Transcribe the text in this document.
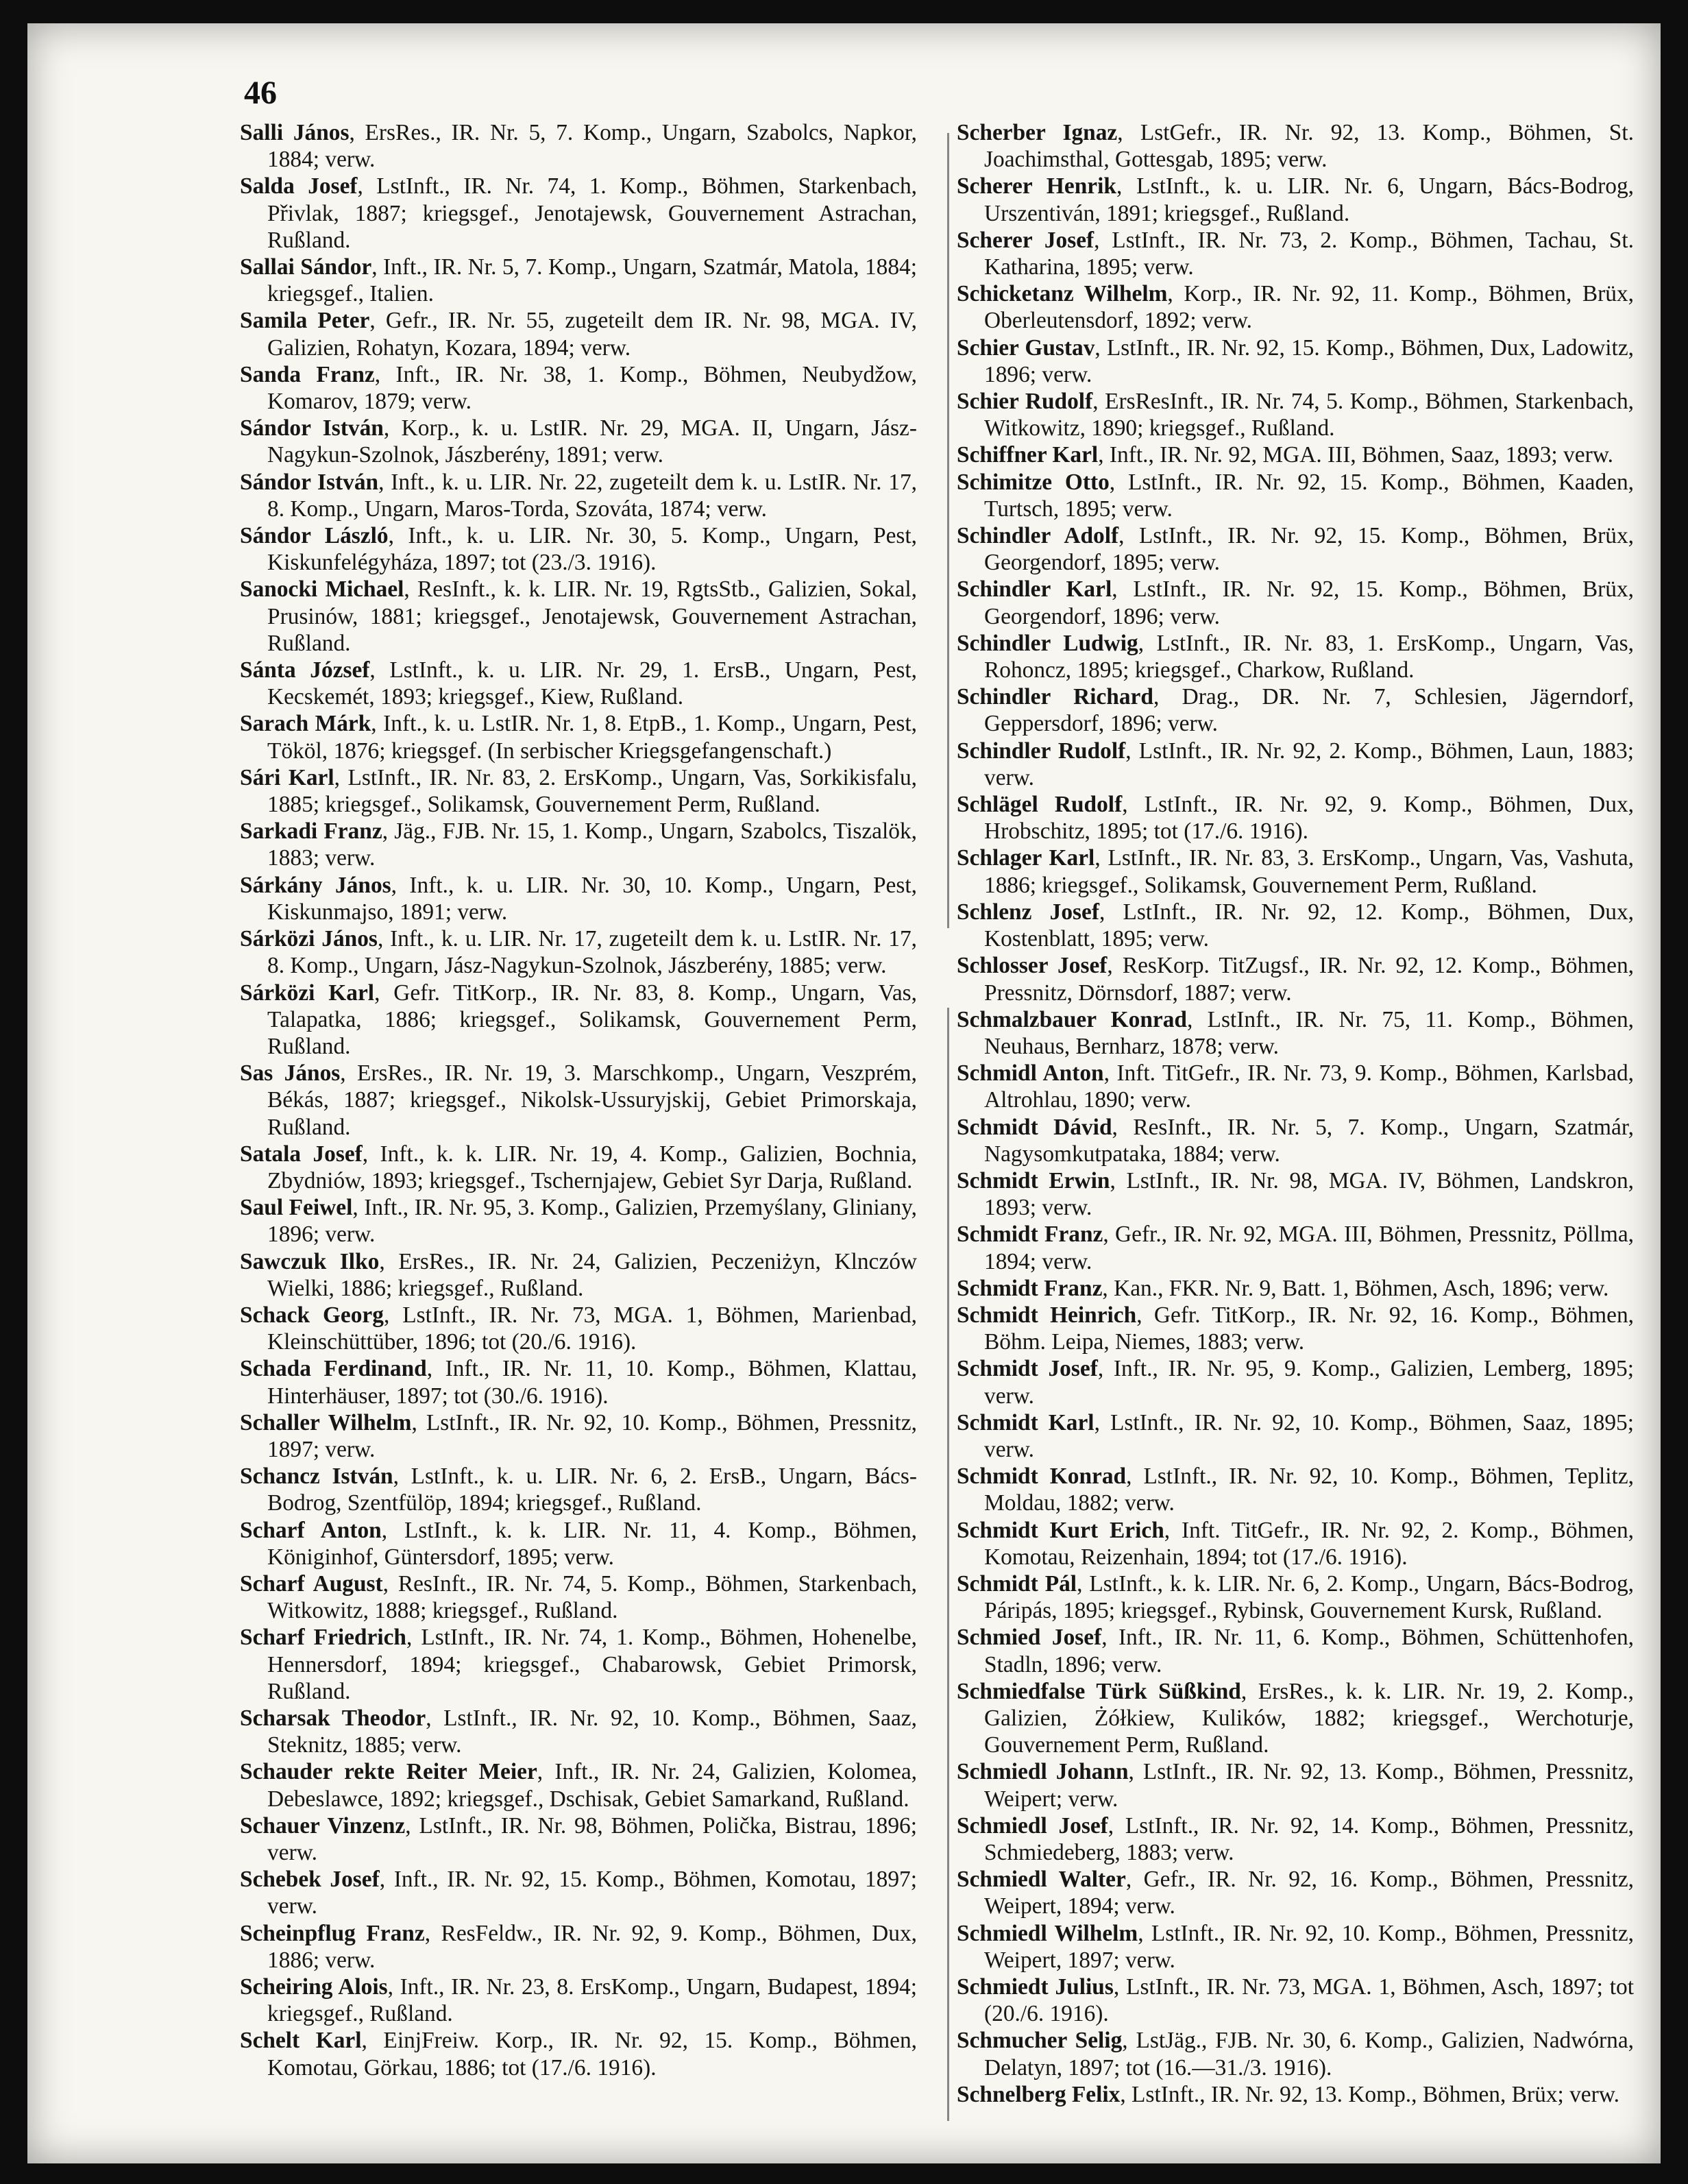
46

Salli János, ErsRes., IR. Nr. 5, 7. Komp., Ungarn, Szabolcs, Napkor, 1884; verw.

Salda Josef, LstInft., IR. Nr. 74, 1. Komp., Böhmen, Starkenbach, Přivlak, 1887; kriegsgef., Jenotajewsk, Gouvernement Astrachan, Rußland.

Sallai Sándor, Inft., IR. Nr. 5, 7. Komp., Ungarn, Szatmár, Matola, 1884; kriegsgef., Italien.

Samila Peter, Gefr., IR. Nr. 55, zugeteilt dem IR. Nr. 98, MGA. IV, Galizien, Rohatyn, Kozara, 1894; verw.

Sanda Franz, Inft., IR. Nr. 38, 1. Komp., Böhmen, Neubydžow, Komarov, 1879; verw.

Sándor István, Korp., k. u. LstIR. Nr. 29, MGA. II, Ungarn, Jász-Nagykun-Szolnok, Jászberény, 1891; verw.

Sándor István, Inft., k. u. LIR. Nr. 22, zugeteilt dem k. u. LstIR. Nr. 17, 8. Komp., Ungarn, Maros-Torda, Szováta, 1874; verw.

Sándor László, Inft., k. u. LIR. Nr. 30, 5. Komp., Ungarn, Pest, Kiskunfelégyháza, 1897; tot (23./3. 1916).

Sanocki Michael, ResInft., k. k. LIR. Nr. 19, RgtsStb., Galizien, Sokal, Prusinów, 1881; kriegsgef., Jenotajewsk, Gouvernement Astrachan, Rußland.

Sánta József, LstInft., k. u. LIR. Nr. 29, 1. ErsB., Ungarn, Pest, Kecskemét, 1893; kriegsgef., Kiew, Rußland.

Sarach Márk, Inft., k. u. LstIR. Nr. 1, 8. EtpB., 1. Komp., Ungarn, Pest, Tököl, 1876; kriegsgef. (In serbischer Kriegsgefangenschaft.)

Sári Karl, LstInft., IR. Nr. 83, 2. ErsKomp., Ungarn, Vas, Sorkikisfalu, 1885; kriegsgef., Solikamsk, Gouvernement Perm, Rußland.

Sarkadi Franz, Jäg., FJB. Nr. 15, 1. Komp., Ungarn, Szabolcs, Tiszalök, 1883; verw.

Sárkány János, Inft., k. u. LIR. Nr. 30, 10. Komp., Ungarn, Pest, Kiskunmajso, 1891; verw.

Sárközi János, Inft., k. u. LIR. Nr. 17, zugeteilt dem k. u. LstIR. Nr. 17, 8. Komp., Ungarn, Jász-Nagykun-Szolnok, Jászberény, 1885; verw.

Sárközi Karl, Gefr. TitKorp., IR. Nr. 83, 8. Komp., Ungarn, Vas, Talapatka, 1886; kriegsgef., Solikamsk, Gouvernement Perm, Rußland.

Sas János, ErsRes., IR. Nr. 19, 3. Marschkomp., Ungarn, Veszprém, Békás, 1887; kriegsgef., Nikolsk-Ussuryjskij, Gebiet Primorskaja, Rußland.

Satala Josef, Inft., k. k. LIR. Nr. 19, 4. Komp., Galizien, Bochnia, Zbydniów, 1893; kriegsgef., Tschernjajew, Gebiet Syr Darja, Rußland.

Saul Feiwel, Inft., IR. Nr. 95, 3. Komp., Galizien, Przemyślany, Gliniany, 1896; verw.

Sawczuk Ilko, ErsRes., IR. Nr. 24, Galizien, Peczeniżyn, Klnczów Wielki, 1886; kriegsgef., Rußland.

Schack Georg, LstInft., IR. Nr. 73, MGA. 1, Böhmen, Marienbad, Kleinschüttüber, 1896; tot (20./6. 1916).

Schada Ferdinand, Inft., IR. Nr. 11, 10. Komp., Böhmen, Klattau, Hinterhäuser, 1897; tot (30./6. 1916).

Schaller Wilhelm, LstInft., IR. Nr. 92, 10. Komp., Böhmen, Pressnitz, 1897; verw.

Schancz István, LstInft., k. u. LIR. Nr. 6, 2. ErsB., Ungarn, Bács-Bodrog, Szentfülöp, 1894; kriegsgef., Rußland.

Scharf Anton, LstInft., k. k. LIR. Nr. 11, 4. Komp., Böhmen, Königinhof, Güntersdorf, 1895; verw.

Scharf August, ResInft., IR. Nr. 74, 5. Komp., Böhmen, Starkenbach, Witkowitz, 1888; kriegsgef., Rußland.

Scharf Friedrich, LstInft., IR. Nr. 74, 1. Komp., Böhmen, Hohenelbe, Hennersdorf, 1894; kriegsgef., Chabarowsk, Gebiet Primorsk, Rußland.

Scharsak Theodor, LstInft., IR. Nr. 92, 10. Komp., Böhmen, Saaz, Steknitz, 1885; verw.

Schauder rekte Reiter Meier, Inft., IR. Nr. 24, Galizien, Kolomea, Debeslawce, 1892; kriegsgef., Dschisak, Gebiet Samarkand, Rußland.

Schauer Vinzenz, LstInft., IR. Nr. 98, Böhmen, Polička, Bistrau, 1896; verw.

Schebek Josef, Inft., IR. Nr. 92, 15. Komp., Böhmen, Komotau, 1897; verw.

Scheinpflug Franz, ResFeldw., IR. Nr. 92, 9. Komp., Böhmen, Dux, 1886; verw.

Scheiring Alois, Inft., IR. Nr. 23, 8. ErsKomp., Ungarn, Budapest, 1894; kriegsgef., Rußland.

Schelt Karl, EinjFreiw. Korp., IR. Nr. 92, 15. Komp., Böhmen, Komotau, Görkau, 1886; tot (17./6. 1916).

Scherber Ignaz, LstGefr., IR. Nr. 92, 13. Komp., Böhmen, St. Joachimsthal, Gottesgab, 1895; verw.

Scherer Henrik, LstInft., k. u. LIR. Nr. 6, Ungarn, Bács-Bodrog, Urszentiván, 1891; kriegsgef., Rußland.

Scherer Josef, LstInft., IR. Nr. 73, 2. Komp., Böhmen, Tachau, St. Katharina, 1895; verw.

Schicketanz Wilhelm, Korp., IR. Nr. 92, 11. Komp., Böhmen, Brüx, Oberleutensdorf, 1892; verw.

Schier Gustav, LstInft., IR. Nr. 92, 15. Komp., Böhmen, Dux, Ladowitz, 1896; verw.

Schier Rudolf, ErsResInft., IR. Nr. 74, 5. Komp., Böhmen, Starkenbach, Witkowitz, 1890; kriegsgef., Rußland.

Schiffner Karl, Inft., IR. Nr. 92, MGA. III, Böhmen, Saaz, 1893; verw.

Schimitze Otto, LstInft., IR. Nr. 92, 15. Komp., Böhmen, Kaaden, Turtsch, 1895; verw.

Schindler Adolf, LstInft., IR. Nr. 92, 15. Komp., Böhmen, Brüx, Georgendorf, 1895; verw.

Schindler Karl, LstInft., IR. Nr. 92, 15. Komp., Böhmen, Brüx, Georgendorf, 1896; verw.

Schindler Ludwig, LstInft., IR. Nr. 83, 1. ErsKomp., Ungarn, Vas, Rohoncz, 1895; kriegsgef., Charkow, Rußland.

Schindler Richard, Drag., DR. Nr. 7, Schlesien, Jägerndorf, Geppersdorf, 1896; verw.

Schindler Rudolf, LstInft., IR. Nr. 92, 2. Komp., Böhmen, Laun, 1883; verw.

Schlägel Rudolf, LstInft., IR. Nr. 92, 9. Komp., Böhmen, Dux, Hrobschitz, 1895; tot (17./6. 1916).

Schlager Karl, LstInft., IR. Nr. 83, 3. ErsKomp., Ungarn, Vas, Vashuta, 1886; kriegsgef., Solikamsk, Gouvernement Perm, Rußland.

Schlenz Josef, LstInft., IR. Nr. 92, 12. Komp., Böhmen, Dux, Kostenblatt, 1895; verw.

Schlosser Josef, ResKorp. TitZugsf., IR. Nr. 92, 12. Komp., Böhmen, Pressnitz, Dörnsdorf, 1887; verw.

Schmalzbauer Konrad, LstInft., IR. Nr. 75, 11. Komp., Böhmen, Neuhaus, Bernharz, 1878; verw.

Schmidl Anton, Inft. TitGefr., IR. Nr. 73, 9. Komp., Böhmen, Karlsbad, Altrohlau, 1890; verw.

Schmidt Dávid, ResInft., IR. Nr. 5, 7. Komp., Ungarn, Szatmár, Nagysomkutpataka, 1884; verw.

Schmidt Erwin, LstInft., IR. Nr. 98, MGA. IV, Böhmen, Landskron, 1893; verw.

Schmidt Franz, Gefr., IR. Nr. 92, MGA. III, Böhmen, Pressnitz, Pöllma, 1894; verw.

Schmidt Franz, Kan., FKR. Nr. 9, Batt. 1, Böhmen, Asch, 1896; verw.

Schmidt Heinrich, Gefr. TitKorp., IR. Nr. 92, 16. Komp., Böhmen, Böhm. Leipa, Niemes, 1883; verw.

Schmidt Josef, Inft., IR. Nr. 95, 9. Komp., Galizien, Lemberg, 1895; verw.

Schmidt Karl, LstInft., IR. Nr. 92, 10. Komp., Böhmen, Saaz, 1895; verw.

Schmidt Konrad, LstInft., IR. Nr. 92, 10. Komp., Böhmen, Teplitz, Moldau, 1882; verw.

Schmidt Kurt Erich, Inft. TitGefr., IR. Nr. 92, 2. Komp., Böhmen, Komotau, Reizenhain, 1894; tot (17./6. 1916).

Schmidt Pál, LstInft., k. k. LIR. Nr. 6, 2. Komp., Ungarn, Bács-Bodrog, Páripás, 1895; kriegsgef., Rybinsk, Gouvernement Kursk, Rußland.

Schmied Josef, Inft., IR. Nr. 11, 6. Komp., Böhmen, Schüttenhofen, Stadln, 1896; verw.

Schmiedfalse Türk Süßkind, ErsRes., k. k. LIR. Nr. 19, 2. Komp., Galizien, Żółkiew, Kulików, 1882; kriegsgef., Werchoturje, Gouvernement Perm, Rußland.

Schmiedl Johann, LstInft., IR. Nr. 92, 13. Komp., Böhmen, Pressnitz, Weipert; verw.

Schmiedl Josef, LstInft., IR. Nr. 92, 14. Komp., Böhmen, Pressnitz, Schmiedeberg, 1883; verw.

Schmiedl Walter, Gefr., IR. Nr. 92, 16. Komp., Böhmen, Pressnitz, Weipert, 1894; verw.

Schmiedl Wilhelm, LstInft., IR. Nr. 92, 10. Komp., Böhmen, Pressnitz, Weipert, 1897; verw.

Schmiedt Julius, LstInft., IR. Nr. 73, MGA. 1, Böhmen, Asch, 1897; tot (20./6. 1916).

Schmucher Selig, LstJäg., FJB. Nr. 30, 6. Komp., Galizien, Nadwórna, Delatyn, 1897; tot (16.—31./3. 1916).

Schnelberg Felix, LstInft., IR. Nr. 92, 13. Komp., Böhmen, Brüx; verw.
